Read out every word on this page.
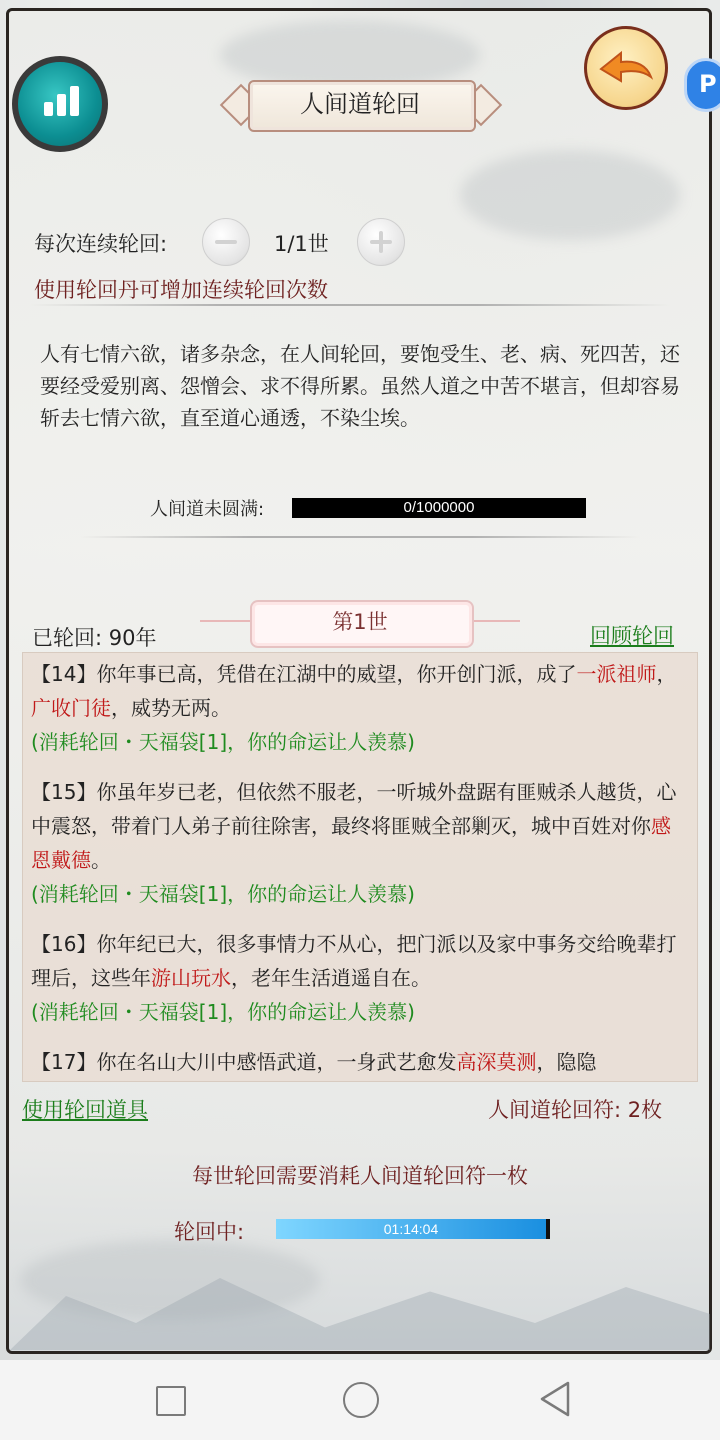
人间道轮回
P
每次连续轮回:	1/1世
使用轮回丹可增加连续轮回次数
人有七情六欲，诸多杂念，在人间轮回，要饱受生、老、病、死四苦，还要经受爱别离、怨憎会、求不得所累。虽然人道之中苦不堪言，但却容易斩去七情六欲，直至道心通透，不染尘埃。
人间道未圆满:	0/1000000
已轮回: 90年
第1世
回顾轮回
【14】你年事已高，凭借在江湖中的威望，你开创门派，成了一派祖师，广收门徒，威势无两。
(消耗轮回・天福袋[1]，你的命运让人羡慕)
【15】你虽年岁已老，但依然不服老，一听城外盘踞有匪贼杀人越货，心中震怒，带着门人弟子前往除害，最终将匪贼全部剿灭，城中百姓对你感恩戴德。
(消耗轮回・天福袋[1]，你的命运让人羡慕)
【16】你年纪已大，很多事情力不从心，把门派以及家中事务交给晚辈打理后，这些年游山玩水，老年生活逍遥自在。
(消耗轮回・天福袋[1]，你的命运让人羡慕)
【17】你在名山大川中感悟武道，一身武艺愈发高深莫测，隐隐
使用轮回道具	人间道轮回符: 2枚
每世轮回需要消耗人间道轮回符一枚
轮回中:	01:14:04
